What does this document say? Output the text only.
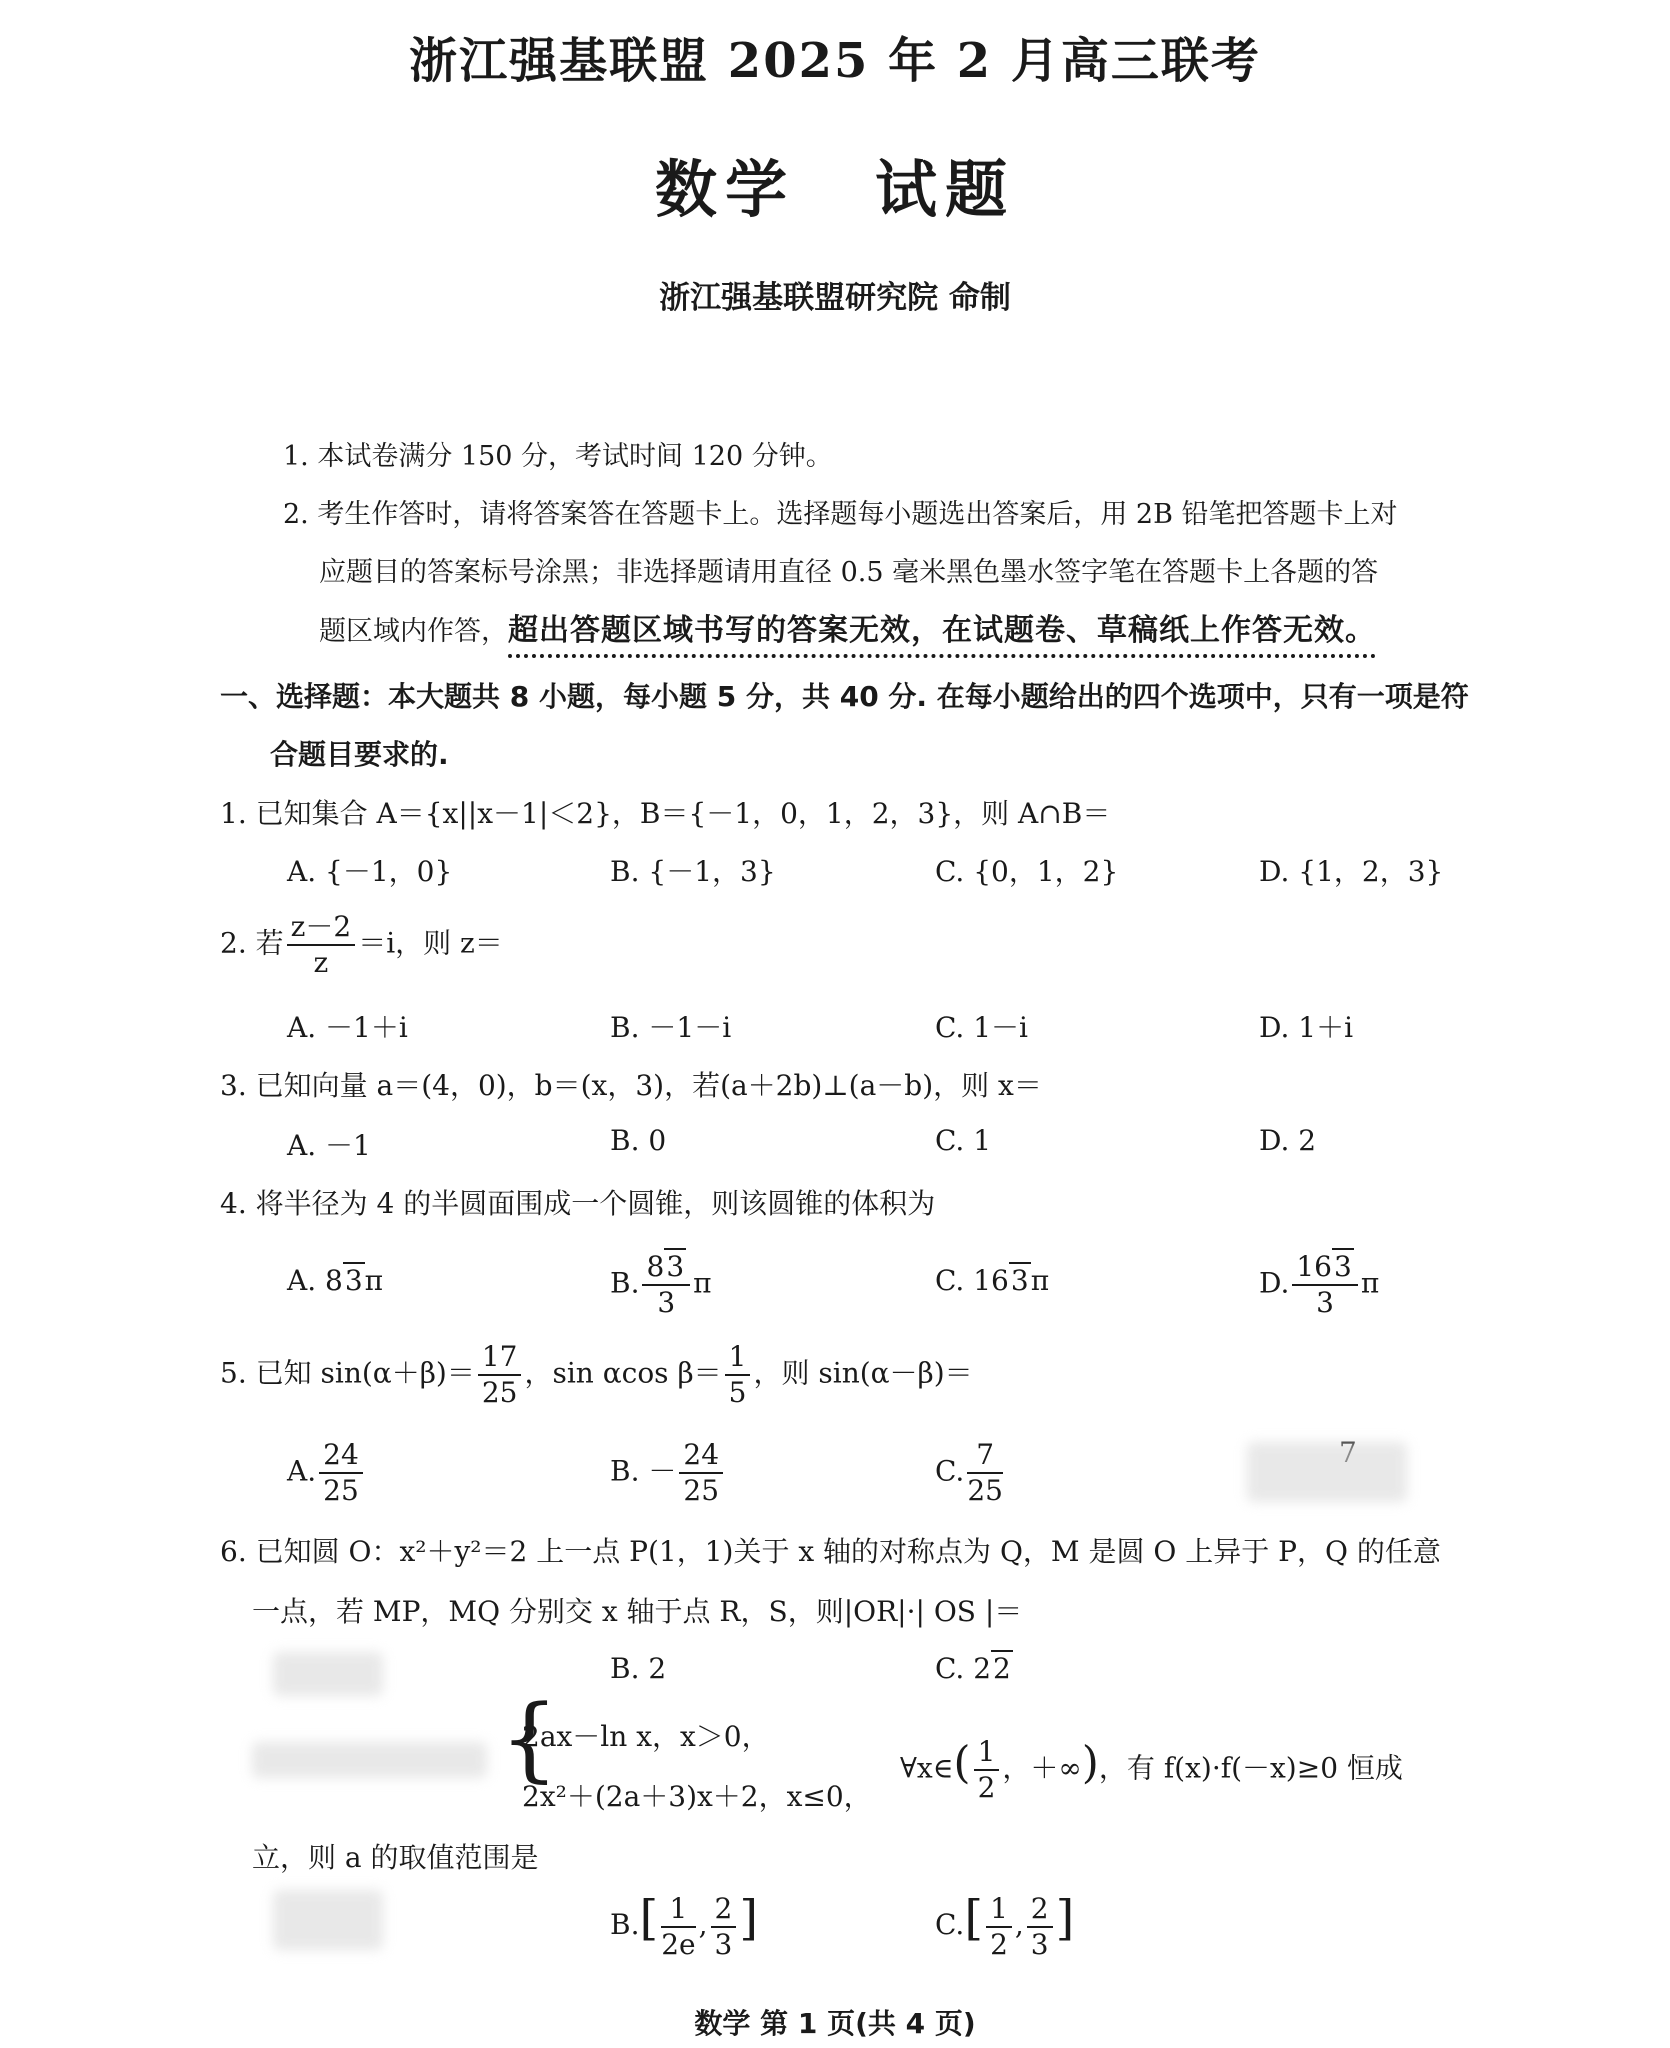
浙江强基联盟 2025 年 2 月高三联考
数学 试题
浙江强基联盟研究院 命制
1. 本试卷满分 150 分，考试时间 120 分钟。
2. 考生作答时，请将答案答在答题卡上。选择题每小题选出答案后，用 2B 铅笔把答题卡上对
应题目的答案标号涂黑；非选择题请用直径 0.5 毫米黑色墨水签字笔在答题卡上各题的答
题区域内作答，超出答题区域书写的答案无效，在试题卷、草稿纸上作答无效。
一、选择题：本大题共 8 小题，每小题 5 分，共 40 分. 在每小题给出的四个选项中，只有一项是符
合题目要求的.
1. 已知集合 A＝{x||x－1|＜2}，B＝{－1，0，1，2，3}，则 A∩B＝
A. {－1，0}	B. {－1，3}	C. {0，1，2}	D. {1，2，3}
2. 若 $\frac{z-2}{z} =i$，则 z＝
A. －1＋i	B. －1－i	C. 1－i	D. 1＋i
3. 已知向量 a＝(4，0)，b＝(x，3)，若(a＋2b)⊥(a－b)，则 x＝
A. －1	B. 0	C. 1	D. 2
4. 将半径为 4 的半圆面围成一个圆锥，则该圆锥的体积为
A. 83π	B. $\frac{83}{3}$ π	C. 163π	D. $\frac{163}{3}$ π
5. 已知 $\sin(\alpha+\beta)= \frac{17}{25}$ ，sin αcos $\beta= \frac{1}{5}$ ，则 sin(α－β)＝
A. $\frac{24}{25}$	B. － $\frac{24}{25}$	C. $\frac{7}{25}$
6. 已知圆 O：x²＋y²＝2 上一点 P(1，1)关于 x 轴的对称点为 Q，M 是圆 O 上异于 P，Q 的任意
一点，若 MP，MQ 分别交 x 轴于点 R，S，则|OR|·| OS |＝
B. 2	C. 22
{
2ax－ln x，x＞0，
2x²＋(2a＋3)x＋2，x≤0，
∀x∈( $\frac{1}{2}$ ，＋∞)，有 f(x)·f(－x)≥0 恒成
立，则 a 的取值范围是
$B.[ \frac{1}{2e}$ , $\frac{2}{3}$ ]	$C.[ \frac{1}{2}$ , $\frac{2}{3}$ ]
数学 第 1 页(共 4 页)
